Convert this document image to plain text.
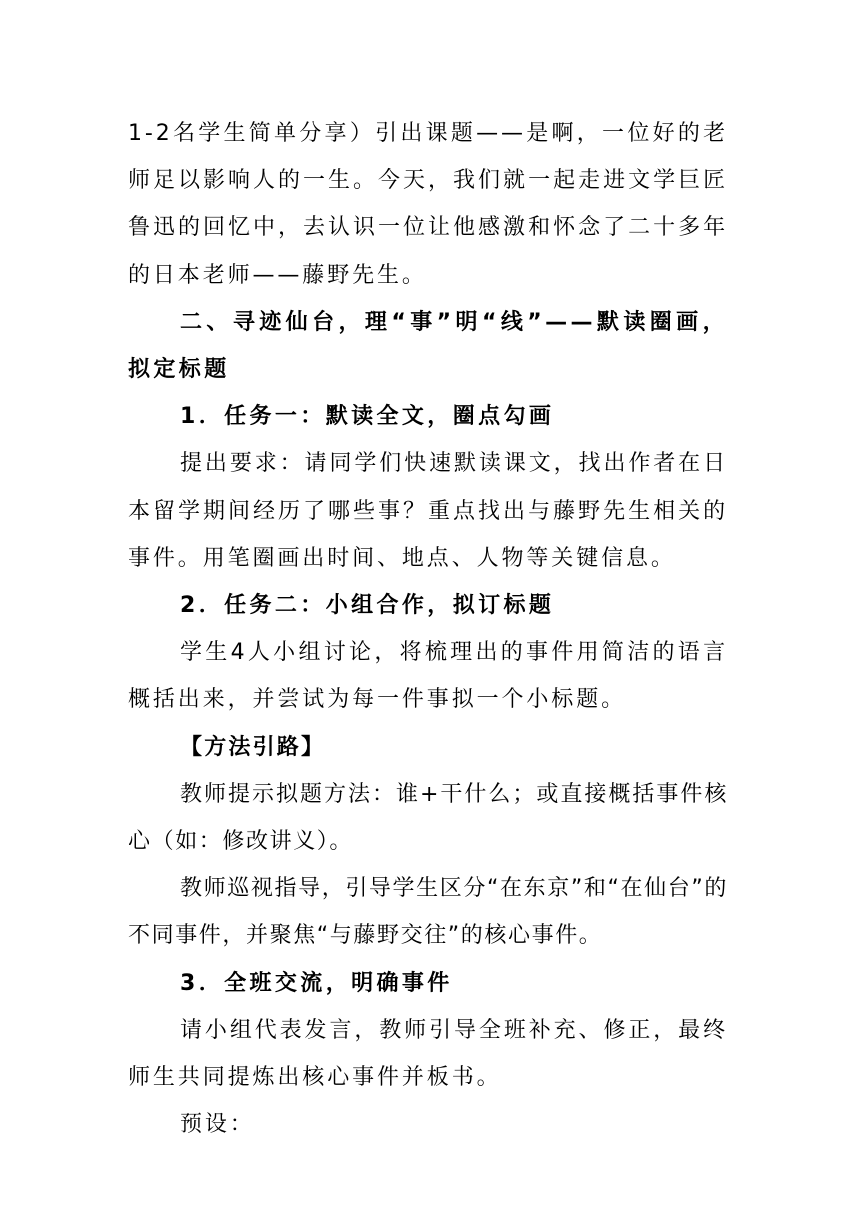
1-2名学生简单分享）引出课题——是啊，一位好的老师足以影响人的一生。今天，我们就一起走进文学巨匠鲁迅的回忆中，去认识一位让他感激和怀念了二十多年的日本老师——藤野先生。

二、寻迹仙台，理“事”明“线”——默读圈画，拟定标题

1．任务一：默读全文，圈点勾画

提出要求：请同学们快速默读课文，找出作者在日本留学期间经历了哪些事？重点找出与藤野先生相关的事件。用笔圈画出时间、地点、人物等关键信息。

2．任务二：小组合作，拟订标题

学生4人小组讨论，将梳理出的事件用简洁的语言概括出来，并尝试为每一件事拟一个小标题。

【方法引路】

教师提示拟题方法：谁+干什么；或直接概括事件核心（如：修改讲义）。

教师巡视指导，引导学生区分“在东京”和“在仙台”的不同事件，并聚焦“与藤野交往”的核心事件。

3．全班交流，明确事件

请小组代表发言，教师引导全班补充、修正，最终师生共同提炼出核心事件并板书。

预设：
